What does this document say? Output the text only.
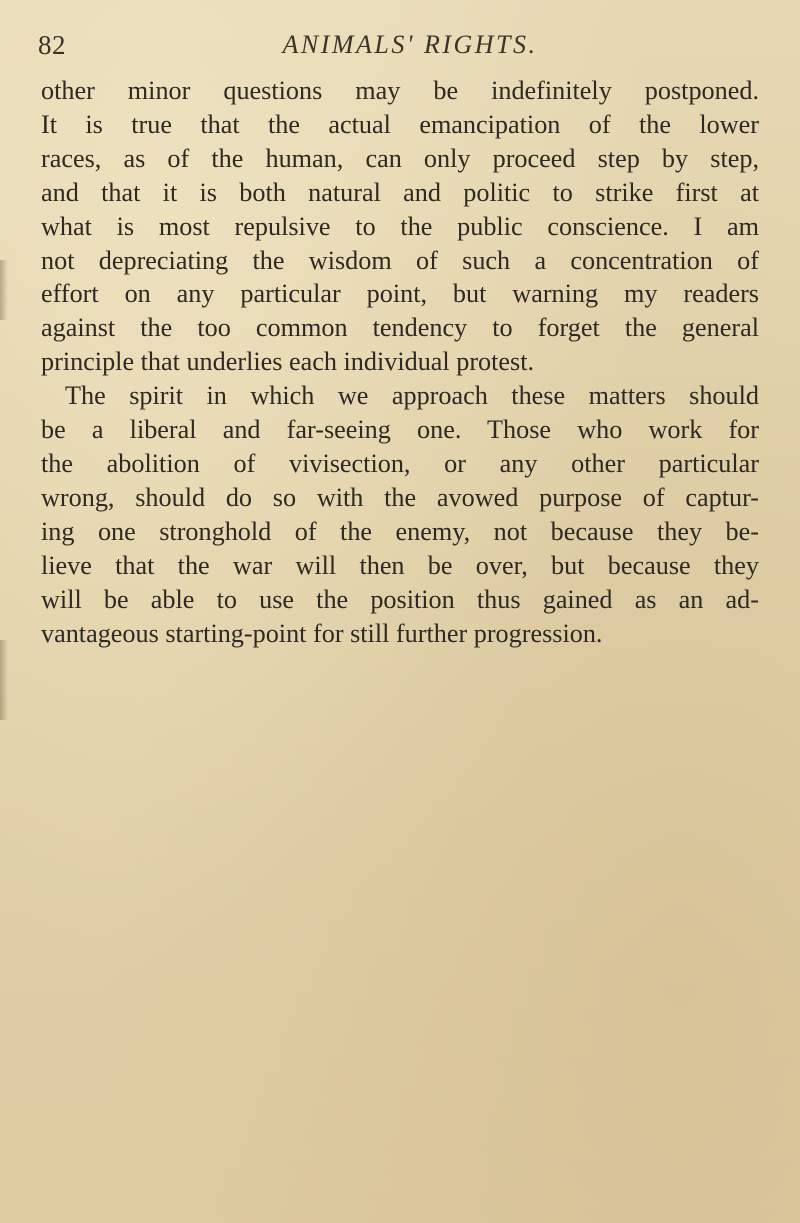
82	ANIMALS' RIGHTS.

other minor questions may be indefinitely postponed.
It is true that the actual emancipation of the lower
races, as of the human, can only proceed step by step,
and that it is both natural and politic to strike first at
what is most repulsive to the public conscience. I am
not depreciating the wisdom of such a concentration of
effort on any particular point, but warning my readers
against the too common tendency to forget the general
principle that underlies each individual protest.

The spirit in which we approach these matters should
be a liberal and far-seeing one. Those who work for
the abolition of vivisection, or any other particular
wrong, should do so with the avowed purpose of captur-
ing one stronghold of the enemy, not because they be-
lieve that the war will then be over, but because they
will be able to use the position thus gained as an ad-
vantageous starting-point for still further progression.
